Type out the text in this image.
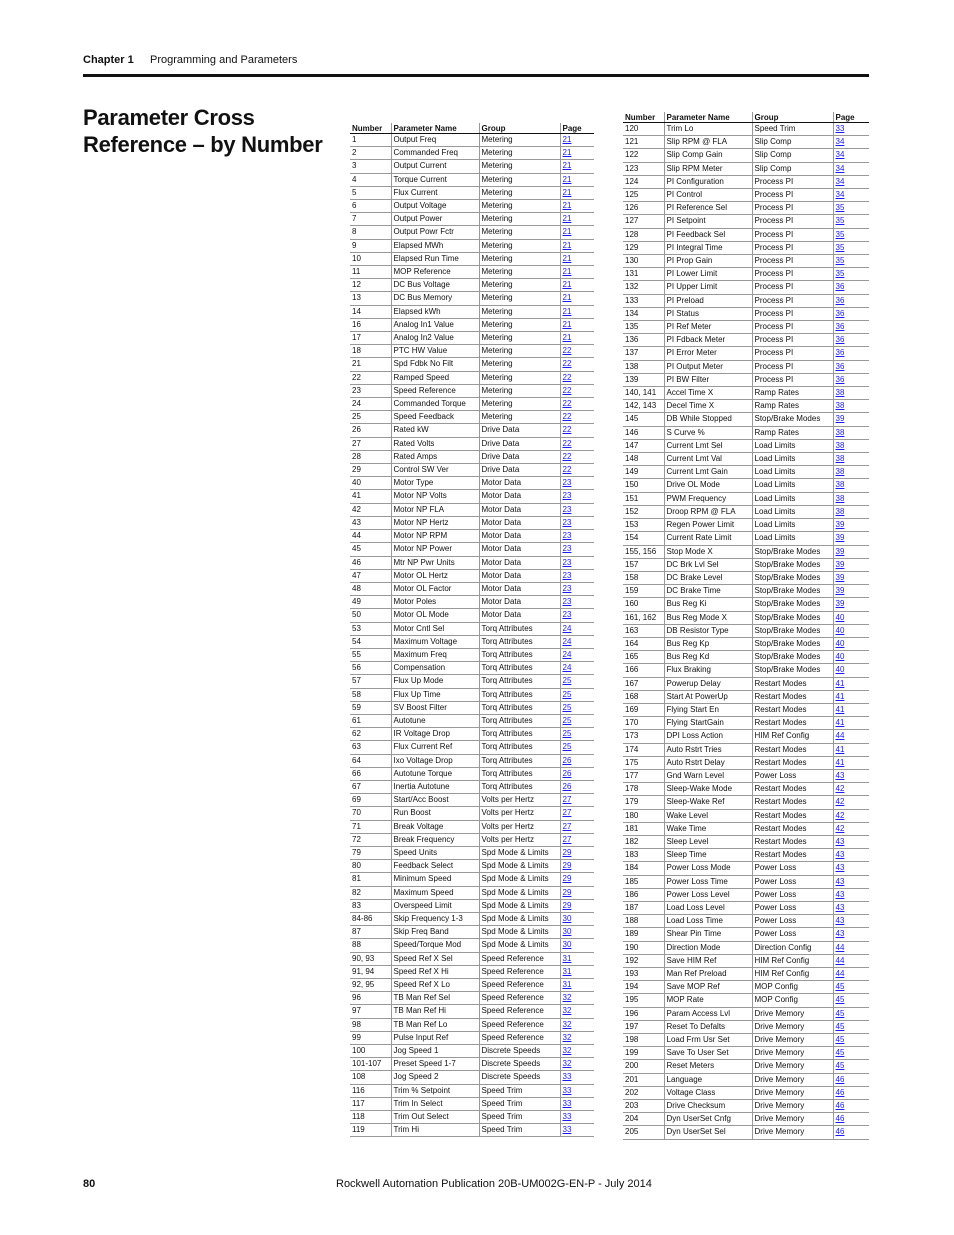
Chapter 1 Programming and Parameters
Parameter Cross Reference – by Number
Number	Parameter Name	Group	Page
1	Output Freq	Metering	21
2	Commanded Freq	Metering	21
3	Output Current	Metering	21
4	Torque Current	Metering	21
5	Flux Current	Metering	21
6	Output Voltage	Metering	21
7	Output Power	Metering	21
8	Output Powr Fctr	Metering	21
9	Elapsed MWh	Metering	21
10	Elapsed Run Time	Metering	21
11	MOP Reference	Metering	21
12	DC Bus Voltage	Metering	21
13	DC Bus Memory	Metering	21
14	Elapsed kWh	Metering	21
16	Analog In1 Value	Metering	21
17	Analog In2 Value	Metering	21
18	PTC HW Value	Metering	22
21	Spd Fdbk No Filt	Metering	22
22	Ramped Speed	Metering	22
23	Speed Reference	Metering	22
24	Commanded Torque	Metering	22
25	Speed Feedback	Metering	22
26	Rated kW	Drive Data	22
27	Rated Volts	Drive Data	22
28	Rated Amps	Drive Data	22
29	Control SW Ver	Drive Data	22
40	Motor Type	Motor Data	23
41	Motor NP Volts	Motor Data	23
42	Motor NP FLA	Motor Data	23
43	Motor NP Hertz	Motor Data	23
44	Motor NP RPM	Motor Data	23
45	Motor NP Power	Motor Data	23
46	Mtr NP Pwr Units	Motor Data	23
47	Motor OL Hertz	Motor Data	23
48	Motor OL Factor	Motor Data	23
49	Motor Poles	Motor Data	23
50	Motor OL Mode	Motor Data	23
53	Motor Cntl Sel	Torq Attributes	24
54	Maximum Voltage	Torq Attributes	24
55	Maximum Freq	Torq Attributes	24
56	Compensation	Torq Attributes	24
57	Flux Up Mode	Torq Attributes	25
58	Flux Up Time	Torq Attributes	25
59	SV Boost Filter	Torq Attributes	25
61	Autotune	Torq Attributes	25
62	IR Voltage Drop	Torq Attributes	25
63	Flux Current Ref	Torq Attributes	25
64	Ixo Voltage Drop	Torq Attributes	26
66	Autotune Torque	Torq Attributes	26
67	Inertia Autotune	Torq Attributes	26
69	Start/Acc Boost	Volts per Hertz	27
70	Run Boost	Volts per Hertz	27
71	Break Voltage	Volts per Hertz	27
72	Break Frequency	Volts per Hertz	27
79	Speed Units	Spd Mode & Limits	29
80	Feedback Select	Spd Mode & Limits	29
81	Minimum Speed	Spd Mode & Limits	29
82	Maximum Speed	Spd Mode & Limits	29
83	Overspeed Limit	Spd Mode & Limits	29
84-86	Skip Frequency 1-3	Spd Mode & Limits	30
87	Skip Freq Band	Spd Mode & Limits	30
88	Speed/Torque Mod	Spd Mode & Limits	30
90, 93	Speed Ref X Sel	Speed Reference	31
91, 94	Speed Ref X Hi	Speed Reference	31
92, 95	Speed Ref X Lo	Speed Reference	31
96	TB Man Ref Sel	Speed Reference	32
97	TB Man Ref Hi	Speed Reference	32
98	TB Man Ref Lo	Speed Reference	32
99	Pulse Input Ref	Speed Reference	32
100	Jog Speed 1	Discrete Speeds	32
101-107	Preset Speed 1-7	Discrete Speeds	32
108	Jog Speed 2	Discrete Speeds	33
116	Trim % Setpoint	Speed Trim	33
117	Trim In Select	Speed Trim	33
118	Trim Out Select	Speed Trim	33
119	Trim Hi	Speed Trim	33
Number	Parameter Name	Group	Page
120	Trim Lo	Speed Trim	33
121	Slip RPM @ FLA	Slip Comp	34
122	Slip Comp Gain	Slip Comp	34
123	Slip RPM Meter	Slip Comp	34
124	PI Configuration	Process PI	34
125	PI Control	Process PI	34
126	PI Reference Sel	Process PI	35
127	PI Setpoint	Process PI	35
128	PI Feedback Sel	Process PI	35
129	PI Integral Time	Process PI	35
130	PI Prop Gain	Process PI	35
131	PI Lower Limit	Process PI	35
132	PI Upper Limit	Process PI	36
133	PI Preload	Process PI	36
134	PI Status	Process PI	36
135	PI Ref Meter	Process PI	36
136	PI Fdback Meter	Process PI	36
137	PI Error Meter	Process PI	36
138	PI Output Meter	Process PI	36
139	PI BW Filter	Process PI	36
140, 141	Accel Time X	Ramp Rates	38
142, 143	Decel Time X	Ramp Rates	38
145	DB While Stopped	Stop/Brake Modes	39
146	S Curve %	Ramp Rates	38
147	Current Lmt Sel	Load Limits	38
148	Current Lmt Val	Load Limits	38
149	Current Lmt Gain	Load Limits	38
150	Drive OL Mode	Load Limits	38
151	PWM Frequency	Load Limits	38
152	Droop RPM @ FLA	Load Limits	38
153	Regen Power Limit	Load Limits	39
154	Current Rate Limit	Load Limits	39
155, 156	Stop Mode X	Stop/Brake Modes	39
157	DC Brk Lvl Sel	Stop/Brake Modes	39
158	DC Brake Level	Stop/Brake Modes	39
159	DC Brake Time	Stop/Brake Modes	39
160	Bus Reg Ki	Stop/Brake Modes	39
161, 162	Bus Reg Mode X	Stop/Brake Modes	40
163	DB Resistor Type	Stop/Brake Modes	40
164	Bus Reg Kp	Stop/Brake Modes	40
165	Bus Reg Kd	Stop/Brake Modes	40
166	Flux Braking	Stop/Brake Modes	40
167	Powerup Delay	Restart Modes	41
168	Start At PowerUp	Restart Modes	41
169	Flying Start En	Restart Modes	41
170	Flying StartGain	Restart Modes	41
173	DPI Loss Action	HIM Ref Config	44
174	Auto Rstrt Tries	Restart Modes	41
175	Auto Rstrt Delay	Restart Modes	41
177	Gnd Warn Level	Power Loss	43
178	Sleep-Wake Mode	Restart Modes	42
179	Sleep-Wake Ref	Restart Modes	42
180	Wake Level	Restart Modes	42
181	Wake Time	Restart Modes	42
182	Sleep Level	Restart Modes	43
183	Sleep Time	Restart Modes	43
184	Power Loss Mode	Power Loss	43
185	Power Loss Time	Power Loss	43
186	Power Loss Level	Power Loss	43
187	Load Loss Level	Power Loss	43
188	Load Loss Time	Power Loss	43
189	Shear Pin Time	Power Loss	43
190	Direction Mode	Direction Config	44
192	Save HIM Ref	HIM Ref Config	44
193	Man Ref Preload	HIM Ref Config	44
194	Save MOP Ref	MOP Config	45
195	MOP Rate	MOP Config	45
196	Param Access Lvl	Drive Memory	45
197	Reset To Defalts	Drive Memory	45
198	Load Frm Usr Set	Drive Memory	45
199	Save To User Set	Drive Memory	45
200	Reset Meters	Drive Memory	45
201	Language	Drive Memory	46
202	Voltage Class	Drive Memory	46
203	Drive Checksum	Drive Memory	46
204	Dyn UserSet Cnfg	Drive Memory	46
205	Dyn UserSet Sel	Drive Memory	46
80	Rockwell Automation Publication 20B-UM002G-EN-P - July 2014
